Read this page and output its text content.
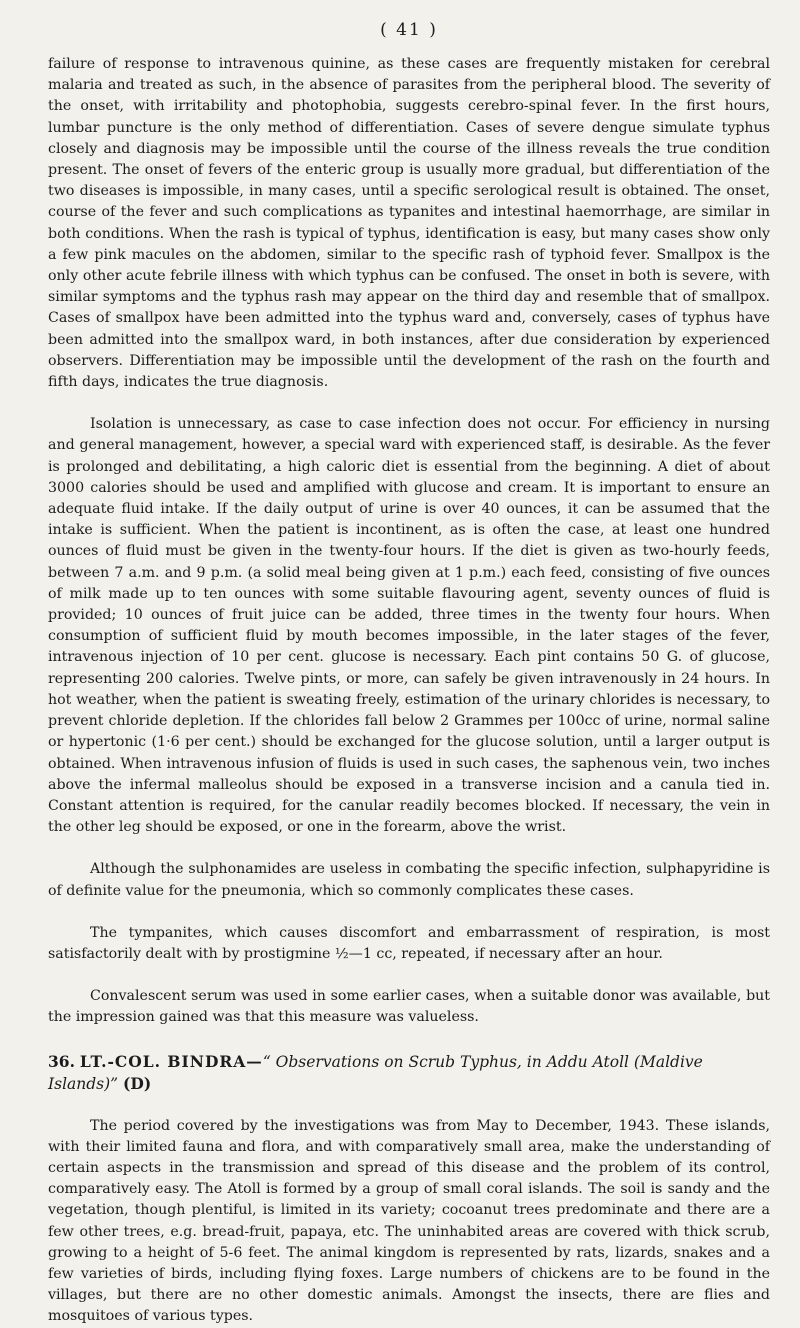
( 41 )

failure of response to intravenous quinine, as these cases are frequently mistaken for cerebral malaria and treated as such, in the absence of parasites from the peripheral blood. The severity of the onset, with irritability and photophobia, suggests cerebro-spinal fever. In the first hours, lumbar puncture is the only method of differentiation. Cases of severe dengue simulate typhus closely and diagnosis may be impossible until the course of the illness reveals the true condition present. The onset of fevers of the enteric group is usually more gradual, but differentiation of the two diseases is impossible, in many cases, until a specific serological result is obtained. The onset, course of the fever and such complications as typanites and intestinal haemorrhage, are similar in both conditions. When the rash is typical of typhus, identification is easy, but many cases show only a few pink macules on the abdomen, similar to the specific rash of typhoid fever. Smallpox is the only other acute febrile illness with which typhus can be confused. The onset in both is severe, with similar symptoms and the typhus rash may appear on the third day and resemble that of smallpox. Cases of smallpox have been admitted into the typhus ward and, conversely, cases of typhus have been admitted into the smallpox ward, in both instances, after due consideration by experienced observers. Differentiation may be impossible until the development of the rash on the fourth and fifth days, indicates the true diagnosis.

Isolation is unnecessary, as case to case infection does not occur. For efficiency in nursing and general management, however, a special ward with experienced staff, is desirable. As the fever is prolonged and debilitating, a high caloric diet is essential from the beginning. A diet of about 3000 calories should be used and amplified with glucose and cream. It is important to ensure an adequate fluid intake. If the daily output of urine is over 40 ounces, it can be assumed that the intake is sufficient. When the patient is incontinent, as is often the case, at least one hundred ounces of fluid must be given in the twenty-four hours. If the diet is given as two-hourly feeds, between 7 a.m. and 9 p.m. (a solid meal being given at 1 p.m.) each feed, consisting of five ounces of milk made up to ten ounces with some suitable flavouring agent, seventy ounces of fluid is provided; 10 ounces of fruit juice can be added, three times in the twenty four hours. When consumption of sufficient fluid by mouth becomes impossible, in the later stages of the fever, intravenous injection of 10 per cent. glucose is necessary. Each pint contains 50 G. of glucose, representing 200 calories. Twelve pints, or more, can safely be given intravenously in 24 hours. In hot weather, when the patient is sweating freely, estimation of the urinary chlorides is necessary, to prevent chloride depletion. If the chlorides fall below 2 Grammes per 100cc of urine, normal saline or hypertonic (1·6 per cent.) should be exchanged for the glucose solution, until a larger output is obtained. When intravenous infusion of fluids is used in such cases, the saphenous vein, two inches above the infermal malleolus should be exposed in a transverse incision and a canula tied in. Constant attention is required, for the canular readily becomes blocked. If necessary, the vein in the other leg should be exposed, or one in the forearm, above the wrist.

Although the sulphonamides are useless in combating the specific infection, sulphapyridine is of definite value for the pneumonia, which so commonly complicates these cases.

The tympanites, which causes discomfort and embarrassment of respiration, is most satisfactorily dealt with by prostigmine ½—1 cc, repeated, if necessary after an hour.

Convalescent serum was used in some earlier cases, when a suitable donor was available, but the impression gained was that this measure was valueless.

36. LT.-COL. BINDRA—“ Observations on Scrub Typhus, in Addu Atoll (Maldive Islands)” (D)

The period covered by the investigations was from May to December, 1943. These islands, with their limited fauna and flora, and with comparatively small area, make the understanding of certain aspects in the transmission and spread of this disease and the problem of its control, comparatively easy. The Atoll is formed by a group of small coral islands. The soil is sandy and the vegetation, though plentiful, is limited in its variety; cocoanut trees predominate and there are a few other trees, e.g. bread-fruit, papaya, etc. The uninhabited areas are covered with thick scrub, growing to a height of 5-6 feet. The animal kingdom is represented by rats, lizards, snakes and a few varieties of birds, including flying foxes. Large numbers of chickens are to be found in the villages, but there are no other domestic animals. Amongst the insects, there are flies and mosquitoes of various types.
